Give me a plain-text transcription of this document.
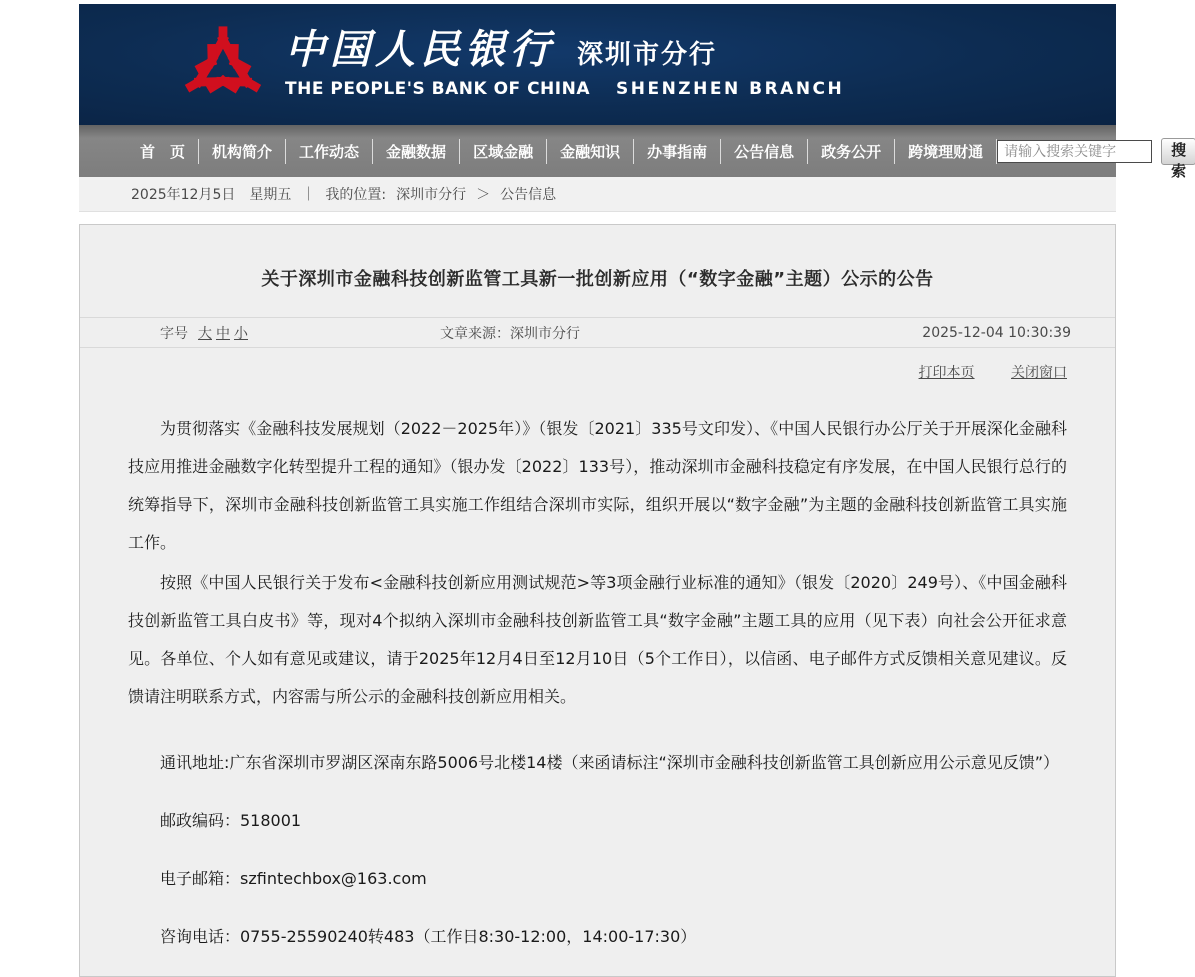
中国人民银行 深圳市分行
THE PEOPLE'S BANK OF CHINA SHENZHEN BRANCH
首　页	机构简介	工作动态	金融数据	区域金融	金融知识	办事指南	公告信息	政务公开	跨境理财通
请输入搜索关键字	搜索
2025年12月5日　星期五 ｜ 我的位置: 深圳市分行 ＞ 公告信息
关于深圳市金融科技创新监管工具新一批创新应用（“数字金融”主题）公示的公告
字号 大 中 小	文章来源：深圳市分行	2025-12-04 10:30:39
打印本页	关闭窗口

为贯彻落实《金融科技发展规划（2022－2025年）》（银发〔2021〕335号文印发）、《中国人民银行办公厅关于开展深化金融科技应用推进金融数字化转型提升工程的通知》（银办发〔2022〕133号），推动深圳市金融科技稳定有序发展，在中国人民银行总行的统筹指导下，深圳市金融科技创新监管工具实施工作组结合深圳市实际，组织开展以“数字金融”为主题的金融科技创新监管工具实施工作。

按照《中国人民银行关于发布<金融科技创新应用测试规范>等3项金融行业标准的通知》（银发〔2020〕249号）、《中国金融科技创新监管工具白皮书》等，现对4个拟纳入深圳市金融科技创新监管工具“数字金融”主题工具的应用（见下表）向社会公开征求意见。各单位、个人如有意见或建议，请于2025年12月4日至12月10日（5个工作日），以信函、电子邮件方式反馈相关意见建议。反馈请注明联系方式，内容需与所公示的金融科技创新应用相关。

通讯地址:广东省深圳市罗湖区深南东路5006号北楼14楼（来函请标注“深圳市金融科技创新监管工具创新应用公示意见反馈”）

邮政编码：518001

电子邮箱：szfintechbox@163.com

咨询电话：0755-25590240转483（工作日8:30-12:00，14:00-17:30）
